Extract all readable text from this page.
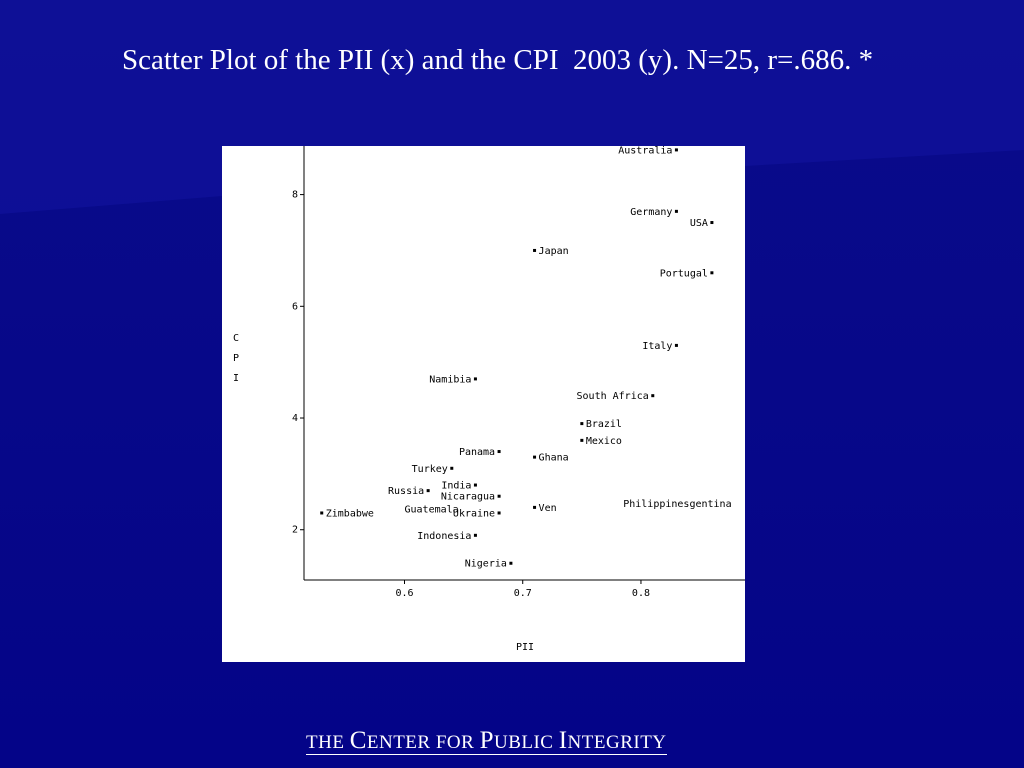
Scatter Plot of the PII (x) and the CPI  2003 (y). N=25, r=.686. *
2
4
6
8
0.6	0.7	0.8
PII
C P I
Australia
Germany
USA
Japan
Portugal
Italy
Namibia
South Africa
Brazil
Mexico
Panama
Ghana
Turkey
India
Russia
Nicaragua
Ven
Ukraine
Zimbabwe
Indonesia
Nigeria
Guatemala
Philippinesgentina
THE CENTER FOR PUBLIC INTEGRITY
